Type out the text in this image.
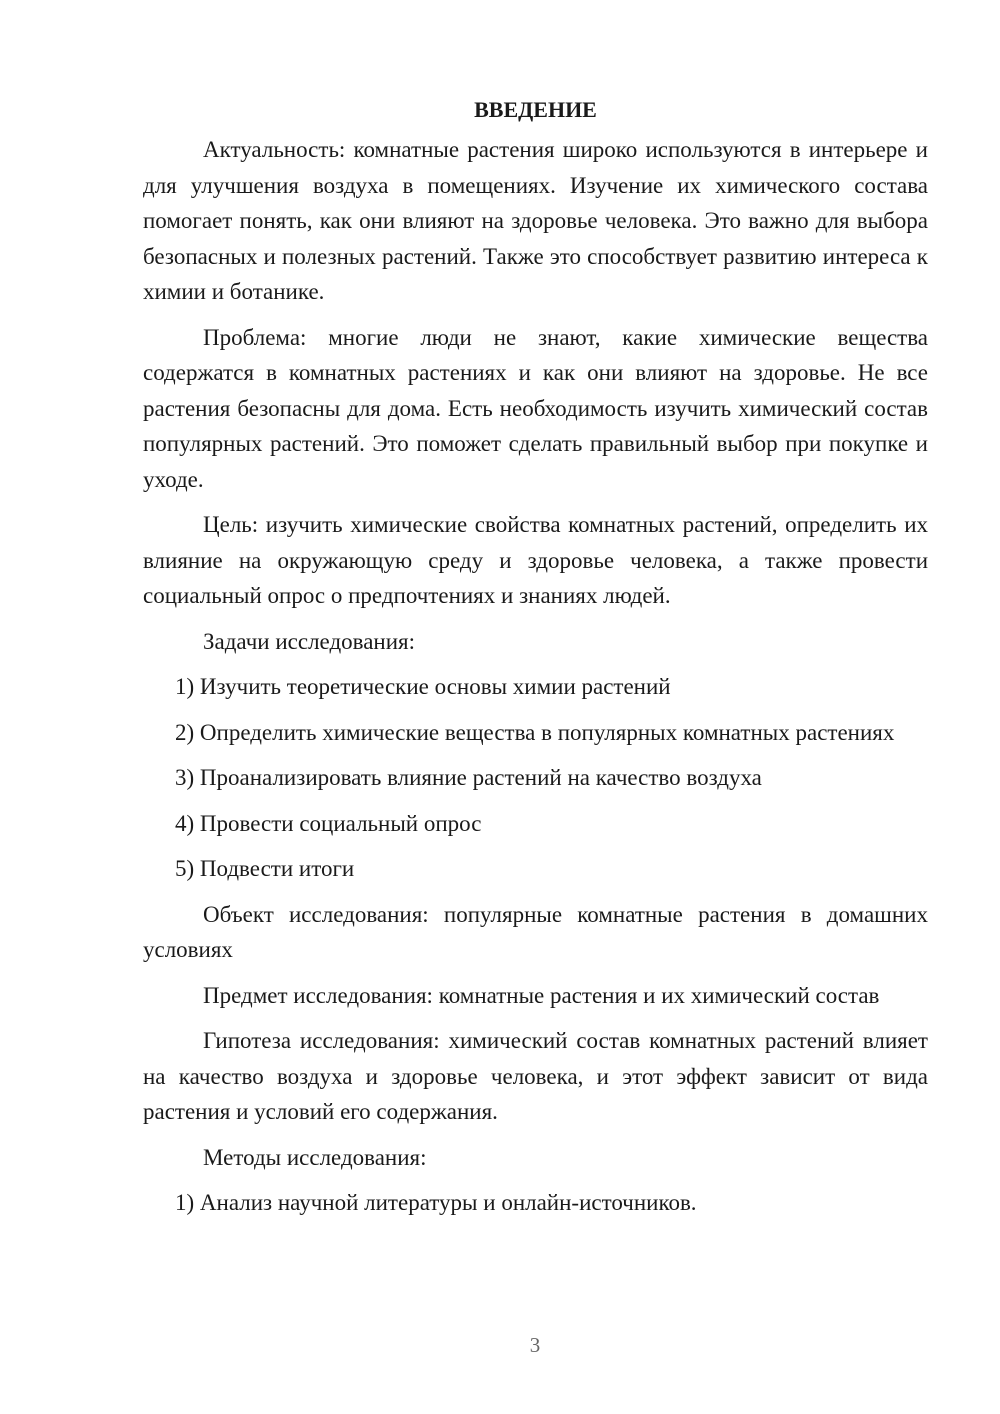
ВВЕДЕНИЕ

Актуальность: комнатные растения широко используются в интерьере и для улучшения воздуха в помещениях. Изучение их химического состава помогает понять, как они влияют на здоровье человека. Это важно для выбора безопасных и полезных растений. Также это способствует развитию интереса к химии и ботанике.

Проблема: многие люди не знают, какие химические вещества содержатся в комнатных растениях и как они влияют на здоровье. Не все растения безопасны для дома. Есть необходимость изучить химический состав популярных растений. Это поможет сделать правильный выбор при покупке и уходе.

Цель: изучить химические свойства комнатных растений, определить их влияние на окружающую среду и здоровье человека, а также провести социальный опрос о предпочтениях и знаниях людей.

Задачи исследования:

1) Изучить теоретические основы химии растений

2) Определить химические вещества в популярных комнатных растениях

3) Проанализировать влияние растений на качество воздуха

4) Провести социальный опрос

5) Подвести итоги

Объект исследования: популярные комнатные растения в домашних условиях

Предмет исследования: комнатные растения и их химический состав

Гипотеза исследования: химический состав комнатных растений влияет на качество воздуха и здоровье человека, и этот эффект зависит от вида растения и условий его содержания.

Методы исследования:

1) Анализ научной литературы и онлайн-источников.

3
